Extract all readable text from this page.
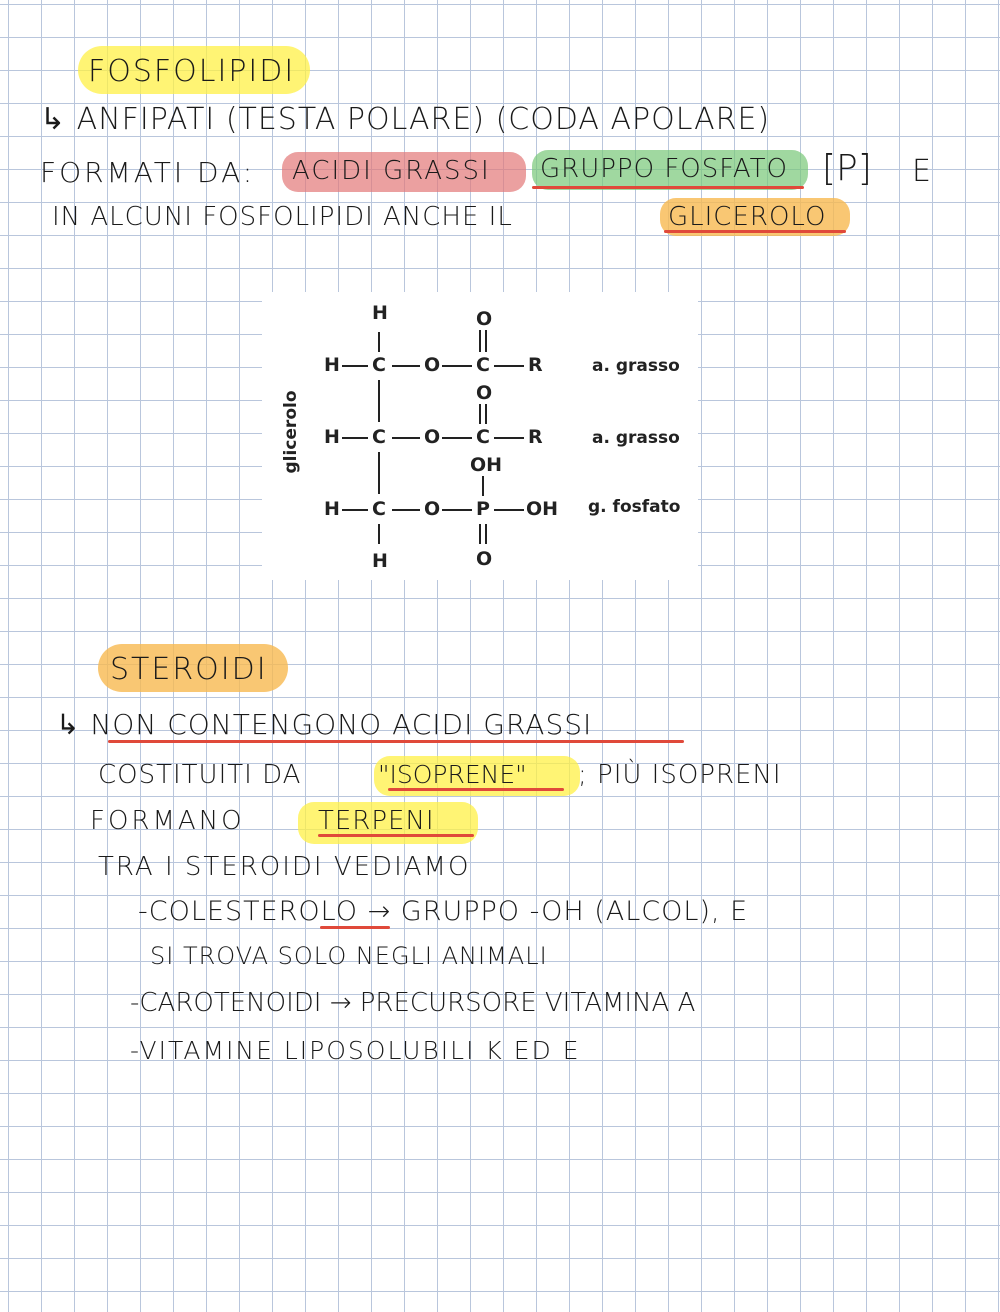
FOSFOLIPIDI
↳ ANFIPATI (TESTA POLARE) (CODA APOLARE)
FORMATI DA: ACIDI GRASSI GRUPPO FOSFATO [P] E
IN ALCUNI FOSFOLIPIDI ANCHE IL	GLICEROLO
H	O
H C O C R	a. grasso
O
H C O C R	a. grasso
OH
H C O P OH g. fosfato
H	O
glicerolo
STEROIDI
↳ NON CONTENGONO ACIDI GRASSI
COSTITUITI DA	"ISOPRENE" ; PIÙ ISOPRENI
FORMANO	TERPENI
TRA I STEROIDI VEDIAMO
-COLESTEROLO → GRUPPO -OH (ALCOL), E
SI TROVA SOLO NEGLI ANIMALI
-CAROTENOIDI → PRECURSORE VITAMINA A
-VITAMINE LIPOSOLUBILI K ED E
